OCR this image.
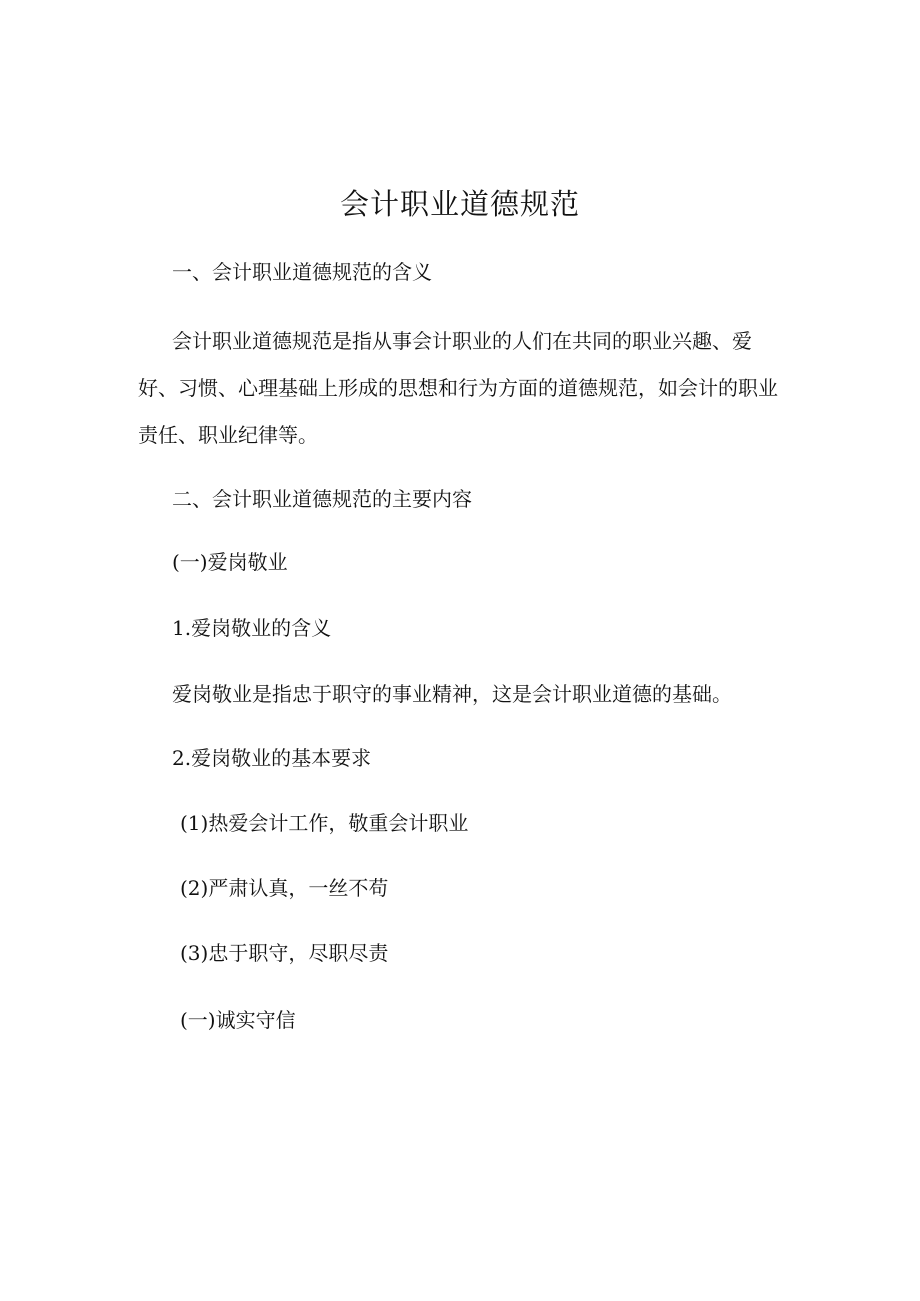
会计职业道德规范
一、会计职业道德规范的含义
会计职业道德规范是指从事会计职业的人们在共同的职业兴趣、爱
好、习惯、心理基础上形成的思想和行为方面的道德规范，如会计的职业
责任、职业纪律等。
二、会计职业道德规范的主要内容
(一)爱岗敬业
1.爱岗敬业的含义
爱岗敬业是指忠于职守的事业精神，这是会计职业道德的基础。
2.爱岗敬业的基本要求
(1)热爱会计工作，敬重会计职业
(2)严肃认真，一丝不苟
(3)忠于职守，尽职尽责
(一)诚实守信
